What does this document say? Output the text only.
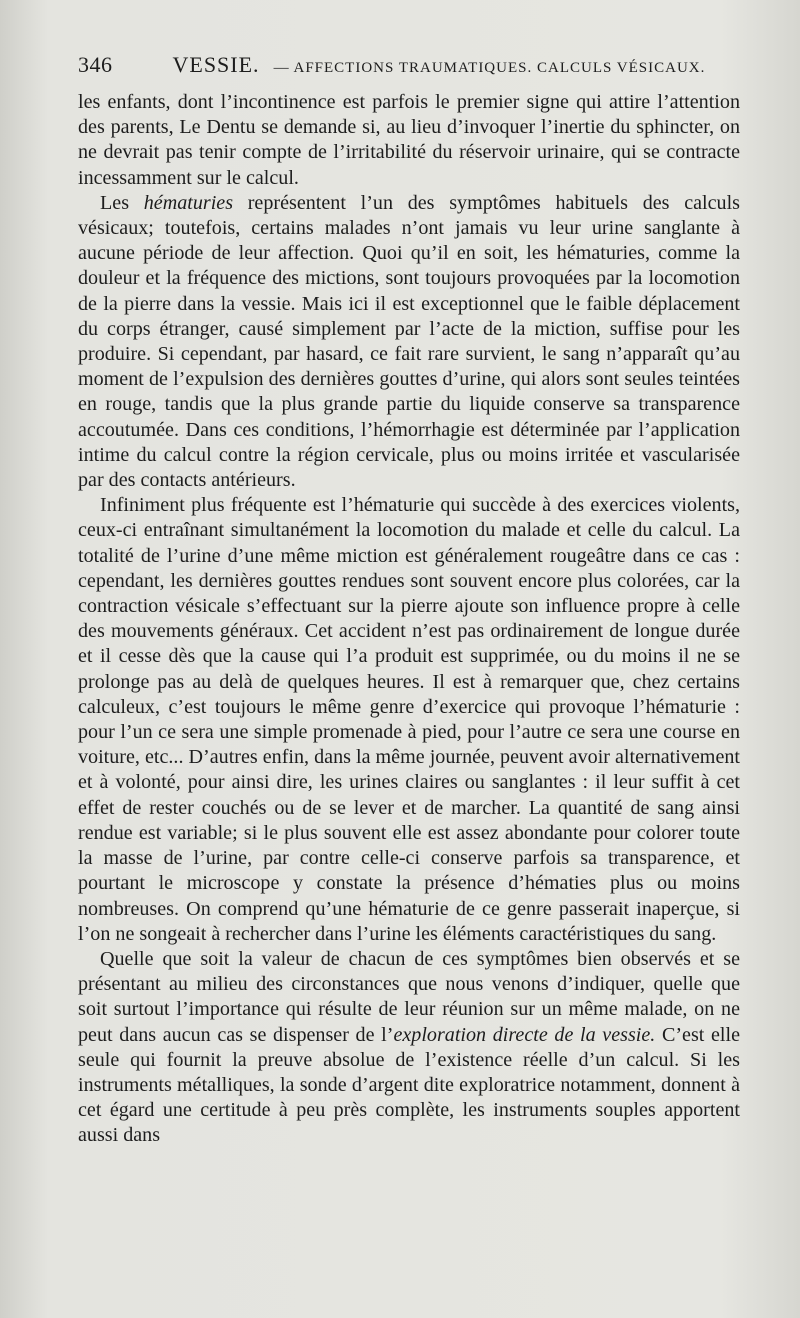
346	VESSIE. — AFFECTIONS TRAUMATIQUES. CALCULS VÉSICAUX.

les enfants, dont l’incontinence est parfois le premier signe qui attire l’attention des parents, Le Dentu se demande si, au lieu d’invoquer l’inertie du sphincter, on ne devrait pas tenir compte de l’irritabilité du réservoir urinaire, qui se contracte incessamment sur le calcul.

Les hématuries représentent l’un des symptômes habituels des calculs vésicaux; toutefois, certains malades n’ont jamais vu leur urine sanglante à aucune période de leur affection. Quoi qu’il en soit, les hématuries, comme la douleur et la fréquence des mictions, sont toujours provoquées par la locomotion de la pierre dans la vessie. Mais ici il est exceptionnel que le faible déplacement du corps étranger, causé simplement par l’acte de la miction, suffise pour les produire. Si cependant, par hasard, ce fait rare survient, le sang n’apparaît qu’au moment de l’expulsion des dernières gouttes d’urine, qui alors sont seules teintées en rouge, tandis que la plus grande partie du liquide conserve sa transparence accoutumée. Dans ces conditions, l’hémorrhagie est déterminée par l’application intime du calcul contre la région cervicale, plus ou moins irritée et vascularisée par des contacts antérieurs.

Infiniment plus fréquente est l’hématurie qui succède à des exercices violents, ceux-ci entraînant simultanément la locomotion du malade et celle du calcul. La totalité de l’urine d’une même miction est généralement rougeâtre dans ce cas : cependant, les dernières gouttes rendues sont souvent encore plus colorées, car la contraction vésicale s’effectuant sur la pierre ajoute son influence propre à celle des mouvements généraux. Cet accident n’est pas ordinairement de longue durée et il cesse dès que la cause qui l’a produit est supprimée, ou du moins il ne se prolonge pas au delà de quelques heures. Il est à remarquer que, chez certains calculeux, c’est toujours le même genre d’exercice qui provoque l’hématurie : pour l’un ce sera une simple promenade à pied, pour l’autre ce sera une course en voiture, etc... D’autres enfin, dans la même journée, peuvent avoir alternativement et à volonté, pour ainsi dire, les urines claires ou sanglantes : il leur suffit à cet effet de rester couchés ou de se lever et de marcher. La quantité de sang ainsi rendue est variable; si le plus souvent elle est assez abondante pour colorer toute la masse de l’urine, par contre celle-ci conserve parfois sa transparence, et pourtant le microscope y constate la présence d’hématies plus ou moins nombreuses. On comprend qu’une hématurie de ce genre passerait inaperçue, si l’on ne songeait à rechercher dans l’urine les éléments caractéristiques du sang.

Quelle que soit la valeur de chacun de ces symptômes bien observés et se présentant au milieu des circonstances que nous venons d’indiquer, quelle que soit surtout l’importance qui résulte de leur réunion sur un même malade, on ne peut dans aucun cas se dispenser de l’exploration directe de la vessie. C’est elle seule qui fournit la preuve absolue de l’existence réelle d’un calcul. Si les instruments métalliques, la sonde d’argent dite exploratrice notamment, donnent à cet égard une certitude à peu près complète, les instruments souples apportent aussi dans
